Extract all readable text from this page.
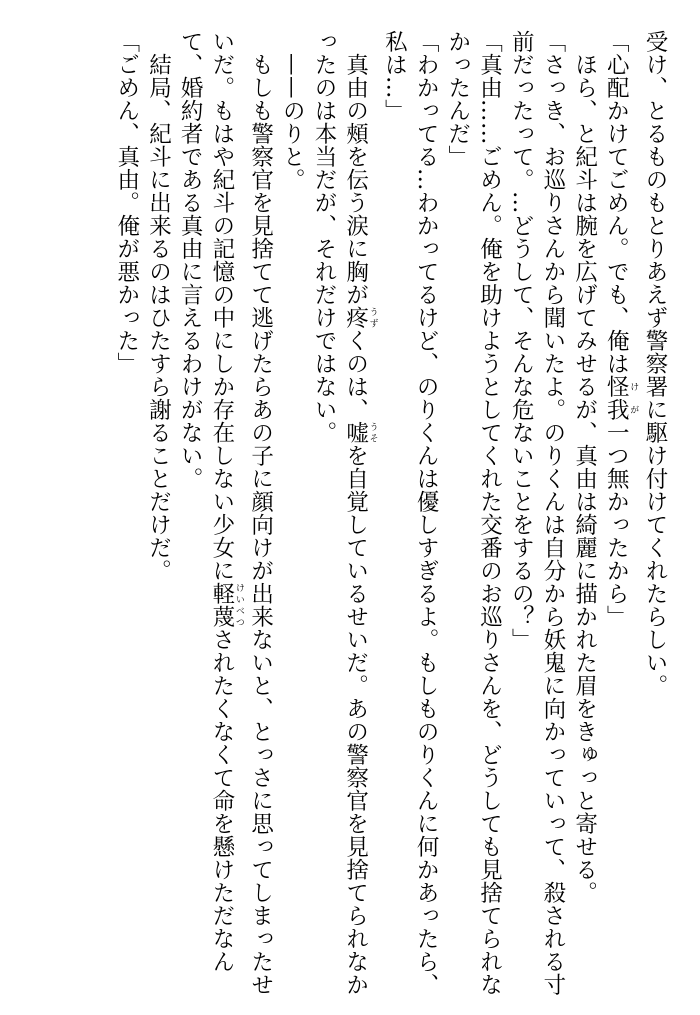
受け、とるものもとりあえず警察署に駆け付けてくれたらしい。
「心配かけてごめん。でも、俺は怪我 けが一つ無かったから」
　ほら、と紀斗は腕を広げてみせるが、真由は綺麗に描かれた眉をきゅっと寄せる。
「さっき、お巡りさんから聞いたよ。のりくんは自分から妖鬼に向かっていって、殺される寸
前だったって。…どうして、そんな危ないことをするの？」
「真由……ごめん。俺を助けようとしてくれた交番のお巡りさんを、どうしても見捨てられな
かったんだ」
「わかってる…わかってるけど、のりくんは優しすぎるよ。もしものりくんに何かあったら、
私は…」
　真由の頰を伝う涙に胸が疼 うずくのは、嘘 うそを自覚しているせいだ。あの警察官を見捨てられなか
ったのは本当だが、それだけではない。
　——のりと。
　もしも警察官を見捨てて逃げたらあの子に顔向けが出来ないと、とっさに思ってしまったせ
いだ。もはや紀斗の記憶の中にしか存在しない少女に軽蔑 けいべつされたくなくて命を懸けただなん
て、婚約者である真由に言えるわけがない。
　結局、紀斗に出来るのはひたすら謝ることだけだ。
「ごめん、真由。俺が悪かった」
